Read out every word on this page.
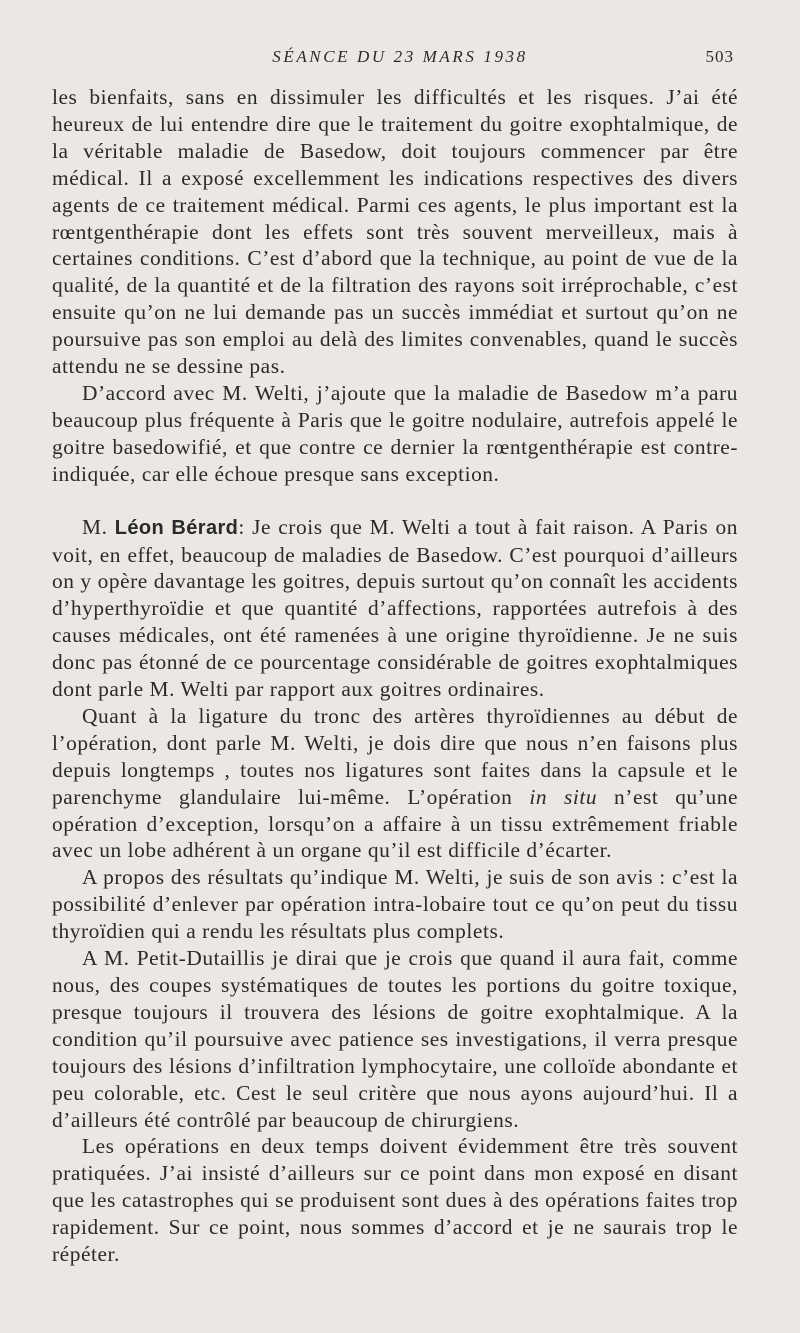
SÉANCE DU 23 MARS 1938	503

les bienfaits, sans en dissimuler les difficultés et les risques. J’ai été heureux de lui entendre dire que le traitement du goitre exophtalmique, de la véritable maladie de Basedow, doit toujours commencer par être médical. Il a exposé excellemment les indications respectives des divers agents de ce traitement médical. Parmi ces agents, le plus important est la rœntgenthérapie dont les effets sont très souvent merveilleux, mais à certaines conditions. C’est d’abord que la technique, au point de vue de la qualité, de la quantité et de la filtration des rayons soit irréprochable, c’est ensuite qu’on ne lui demande pas un succès immédiat et surtout qu’on ne poursuive pas son emploi au delà des limites convenables, quand le succès attendu ne se dessine pas.

D’accord avec M. Welti, j’ajoute que la maladie de Basedow m’a paru beaucoup plus fréquente à Paris que le goitre nodulaire, autrefois appelé le goitre basedowifié, et que contre ce dernier la rœntgenthérapie est contre-indiquée, car elle échoue presque sans exception.

M. Léon Bérard: Je crois que M. Welti a tout à fait raison. A Paris on voit, en effet, beaucoup de maladies de Basedow. C’est pourquoi d’ailleurs on y opère davantage les goitres, depuis surtout qu’on connaît les accidents d’hyperthyroïdie et que quantité d’affections, rapportées autrefois à des causes médicales, ont été ramenées à une origine thyroïdienne. Je ne suis donc pas étonné de ce pourcentage considérable de goitres exophtalmiques dont parle M. Welti par rapport aux goitres ordinaires.

Quant à la ligature du tronc des artères thyroïdiennes au début de l’opération, dont parle M. Welti, je dois dire que nous n’en faisons plus depuis longtemps , toutes nos ligatures sont faites dans la capsule et le parenchyme glandulaire lui-même. L’opération in situ n’est qu’une opération d’exception, lorsqu’on a affaire à un tissu extrêmement friable avec un lobe adhérent à un organe qu’il est difficile d’écarter.

A propos des résultats qu’indique M. Welti, je suis de son avis : c’est la possibilité d’enlever par opération intra-lobaire tout ce qu’on peut du tissu thyroïdien qui a rendu les résultats plus complets.

A M. Petit-Dutaillis je dirai que je crois que quand il aura fait, comme nous, des coupes systématiques de toutes les portions du goitre toxique, presque toujours il trouvera des lésions de goitre exophtalmique. A la condition qu’il poursuive avec patience ses investigations, il verra presque toujours des lésions d’infiltration lymphocytaire, une colloïde abondante et peu colorable, etc. Cest le seul critère que nous ayons aujourd’hui. Il a d’ailleurs été contrôlé par beaucoup de chirurgiens.

Les opérations en deux temps doivent évidemment être très souvent pratiquées. J’ai insisté d’ailleurs sur ce point dans mon exposé en disant que les catastrophes qui se produisent sont dues à des opérations faites trop rapidement. Sur ce point, nous sommes d’accord et je ne saurais trop le répéter.
